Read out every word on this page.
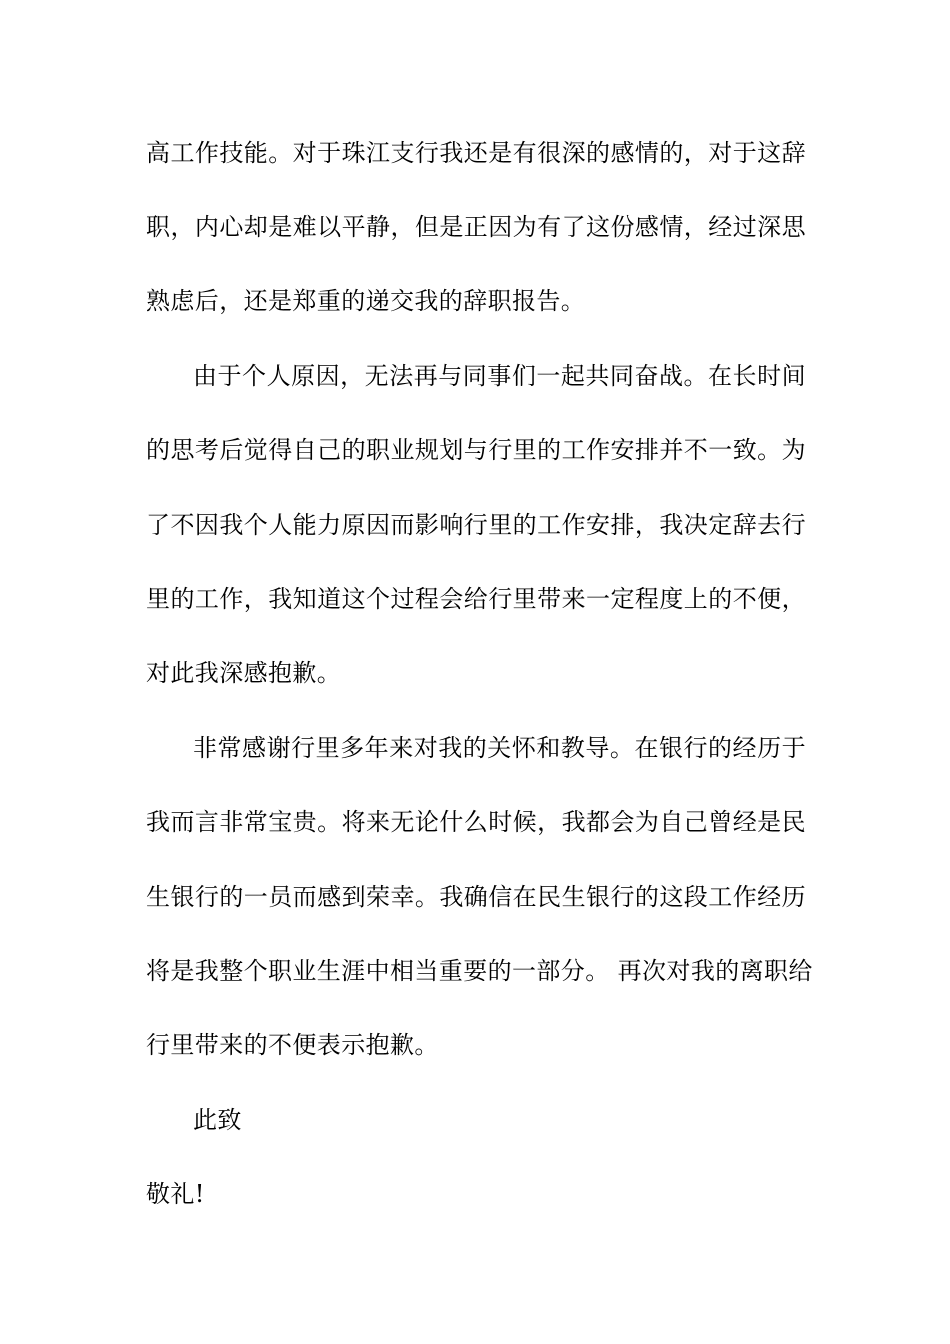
高工作技能。对于珠江支行我还是有很深的感情的，对于这辞
职，内心却是难以平静，但是正因为有了这份感情，经过深思
熟虑后，还是郑重的递交我的辞职报告。
由于个人原因，无法再与同事们一起共同奋战。在长时间
的思考后觉得自己的职业规划与行里的工作安排并不一致。为
了不因我个人能力原因而影响行里的工作安排，我决定辞去行
里的工作，我知道这个过程会给行里带来一定程度上的不便，
对此我深感抱歉。
非常感谢行里多年来对我的关怀和教导。在银行的经历于
我而言非常宝贵。将来无论什么时候，我都会为自己曾经是民
生银行的一员而感到荣幸。我确信在民生银行的这段工作经历
将是我整个职业生涯中相当重要的一部分。 再次对我的离职给
行里带来的不便表示抱歉。
此致
敬礼!
